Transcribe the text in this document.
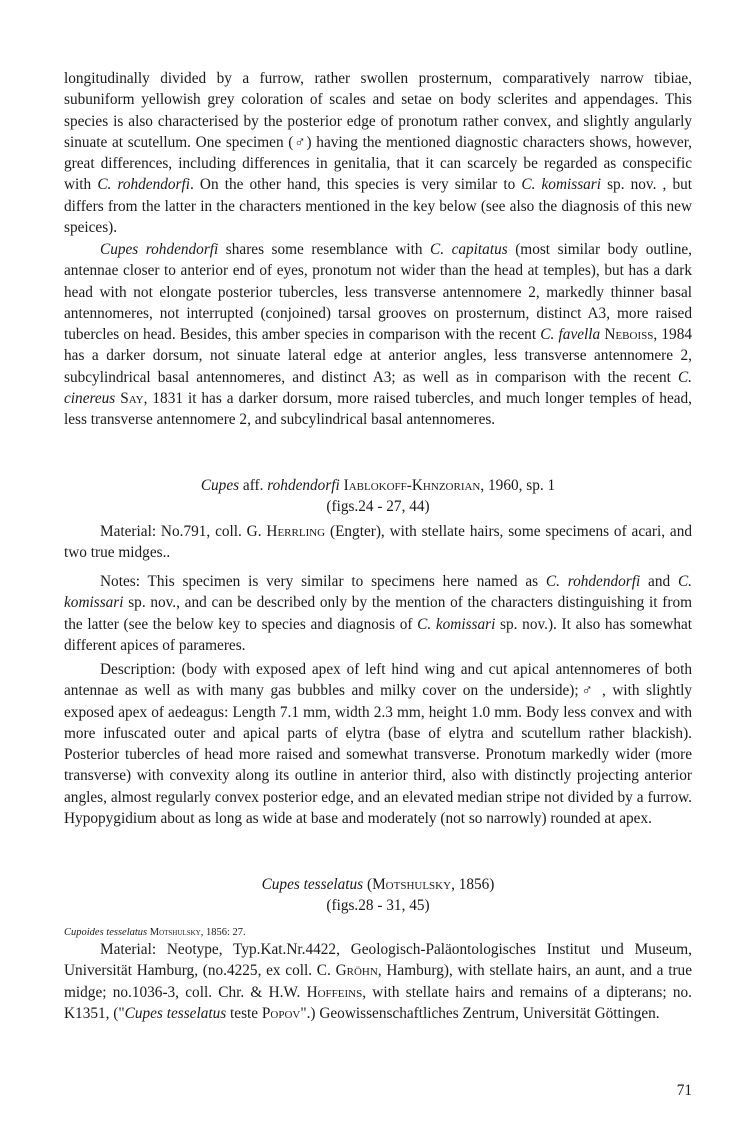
longitudinally divided by a furrow, rather swollen prosternum, comparatively narrow tibiae, subuniform yellowish grey coloration of scales and setae on body sclerites and appendages. This species is also characterised by the posterior edge of pronotum rather convex, and slightly angularly sinuate at scutellum. One specimen (♂) having the mentioned diagnostic characters shows, however, great differences, including differences in genitalia, that it can scarcely be regarded as conspecific with C. rohdendorfi. On the other hand, this species is very similar to C. komissari sp. nov. , but differs from the latter in the characters mentioned in the key below (see also the diagnosis of this new speices).

Cupes rohdendorfi shares some resemblance with C. capitatus (most similar body outline, antennae closer to anterior end of eyes, pronotum not wider than the head at temples), but has a dark head with not elongate posterior tubercles, less transverse antennomere 2, markedly thinner basal antennomeres, not interrupted (conjoined) tarsal grooves on prosternum, distinct A3, more raised tubercles on head. Besides, this amber species in comparison with the recent C. favella Neboiss, 1984 has a darker dorsum, not sinuate lateral edge at anterior angles, less transverse antennomere 2, subcylindrical basal antennomeres, and distinct A3; as well as in comparison with the recent C. cinereus Say, 1831 it has a darker dorsum, more raised tubercles, and much longer temples of head, less transverse antennomere 2, and subcylindrical basal antennomeres.

Cupes aff. rohdendorfi Iablokoff-Khnzorian, 1960, sp. 1
(figs.24 - 27, 44)

Material: No.791, coll. G. Herrling (Engter), with stellate hairs, some specimens of acari, and two true midges..

Notes: This specimen is very similar to specimens here named as C. rohdendorfi and C. komissari sp. nov., and can be described only by the mention of the characters distinguishing it from the latter (see the below key to species and diagnosis of C. komissari sp. nov.). It also has somewhat different apices of parameres.

Description: (body with exposed apex of left hind wing and cut apical antennomeres of both antennae as well as with many gas bubbles and milky cover on the underside);♂ , with slightly exposed apex of aedeagus: Length 7.1 mm, width 2.3 mm, height 1.0 mm. Body less convex and with more infuscated outer and apical parts of elytra (base of elytra and scutellum rather blackish). Posterior tubercles of head more raised and somewhat transverse. Pronotum markedly wider (more transverse) with convexity along its outline in anterior third, also with distinctly projecting anterior angles, almost regularly convex posterior edge, and an elevated median stripe not divided by a furrow. Hypopygidium about as long as wide at base and moderately (not so narrowly) rounded at apex.

Cupes tesselatus (Motshulsky, 1856)
(figs.28 - 31, 45)
Cupoides tesselatus Motshulsky, 1856: 27.

Material: Neotype, Typ.Kat.Nr.4422, Geologisch-Paläontologisches Institut und Museum, Universität Hamburg, (no.4225, ex coll. C. Gröhn, Hamburg), with stellate hairs, an aunt, and a true midge; no.1036-3, coll. Chr. & H.W. Hoffeins, with stellate hairs and remains of a dipterans; no. K1351, ("Cupes tesselatus teste Popov".) Geowissenschaftliches Zentrum, Universität Göttingen.

71
